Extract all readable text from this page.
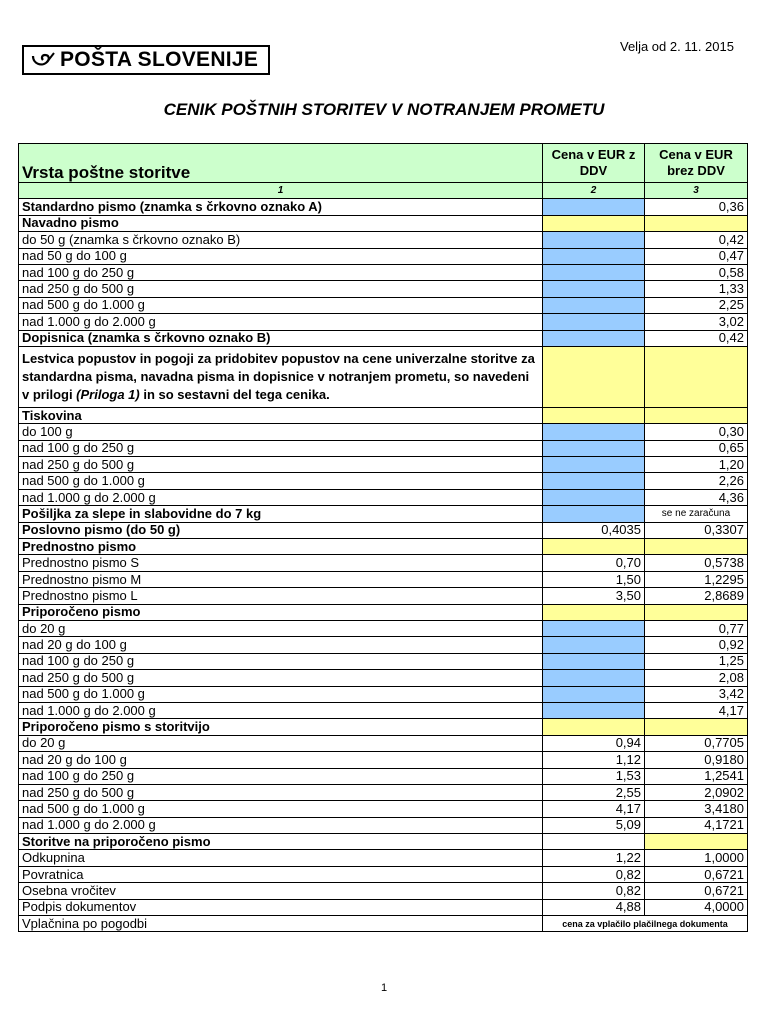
POŠTA SLOVENIJE
Velja od 2. 11. 2015
CENIK POŠTNIH STORITEV V NOTRANJEM PROMETU
Vrsta poštne storitve	Cena v EUR z DDV	Cena v EUR brez DDV
1	2	3
Standardno pismo (znamka s črkovno oznako A)		0,36
Navadno pismo		
do 50 g (znamka s črkovno oznako B)		0,42
nad 50 g do 100 g		0,47
nad 100 g do 250 g		0,58
nad 250 g do 500 g		1,33
nad 500 g do 1.000 g		2,25
nad 1.000 g do 2.000 g		3,02
Dopisnica (znamka s črkovno oznako B)		0,42
Lestvica popustov in pogoji za pridobitev popustov na cene univerzalne storitve za standardna pisma, navadna pisma in dopisnice v notranjem prometu, so navedeni v prilogi (Priloga 1) in so sestavni del tega cenika.		
Tiskovina		
do 100 g		0,30
nad 100 g do 250 g		0,65
nad 250 g do 500 g		1,20
nad 500 g do 1.000 g		2,26
nad 1.000 g do 2.000 g		4,36
Pošiljka za slepe in slabovidne do 7 kg		se ne zaračuna
Poslovno pismo (do 50 g)	0,4035	0,3307
Prednostno pismo		
Prednostno pismo S	0,70	0,5738
Prednostno pismo M	1,50	1,2295
Prednostno pismo L	3,50	2,8689
Priporočeno pismo		
do 20 g		0,77
nad 20 g do 100 g		0,92
nad 100 g do 250 g		1,25
nad 250 g do 500 g		2,08
nad 500 g do 1.000 g		3,42
nad 1.000 g do 2.000 g		4,17
Priporočeno pismo s storitvijo		
do 20 g	0,94	0,7705
nad 20 g do 100 g	1,12	0,9180
nad 100 g do 250 g	1,53	1,2541
nad 250 g do 500 g	2,55	2,0902
nad 500 g do 1.000 g	4,17	3,4180
nad 1.000 g do 2.000 g	5,09	4,1721
Storitve na priporočeno pismo		
Odkupnina	1,22	1,0000
Povratnica	0,82	0,6721
Osebna vročitev	0,82	0,6721
Podpis dokumentov	4,88	4,0000
Vplačnina po pogodbi	cena za vplačilo plačilnega dokumenta	
1
